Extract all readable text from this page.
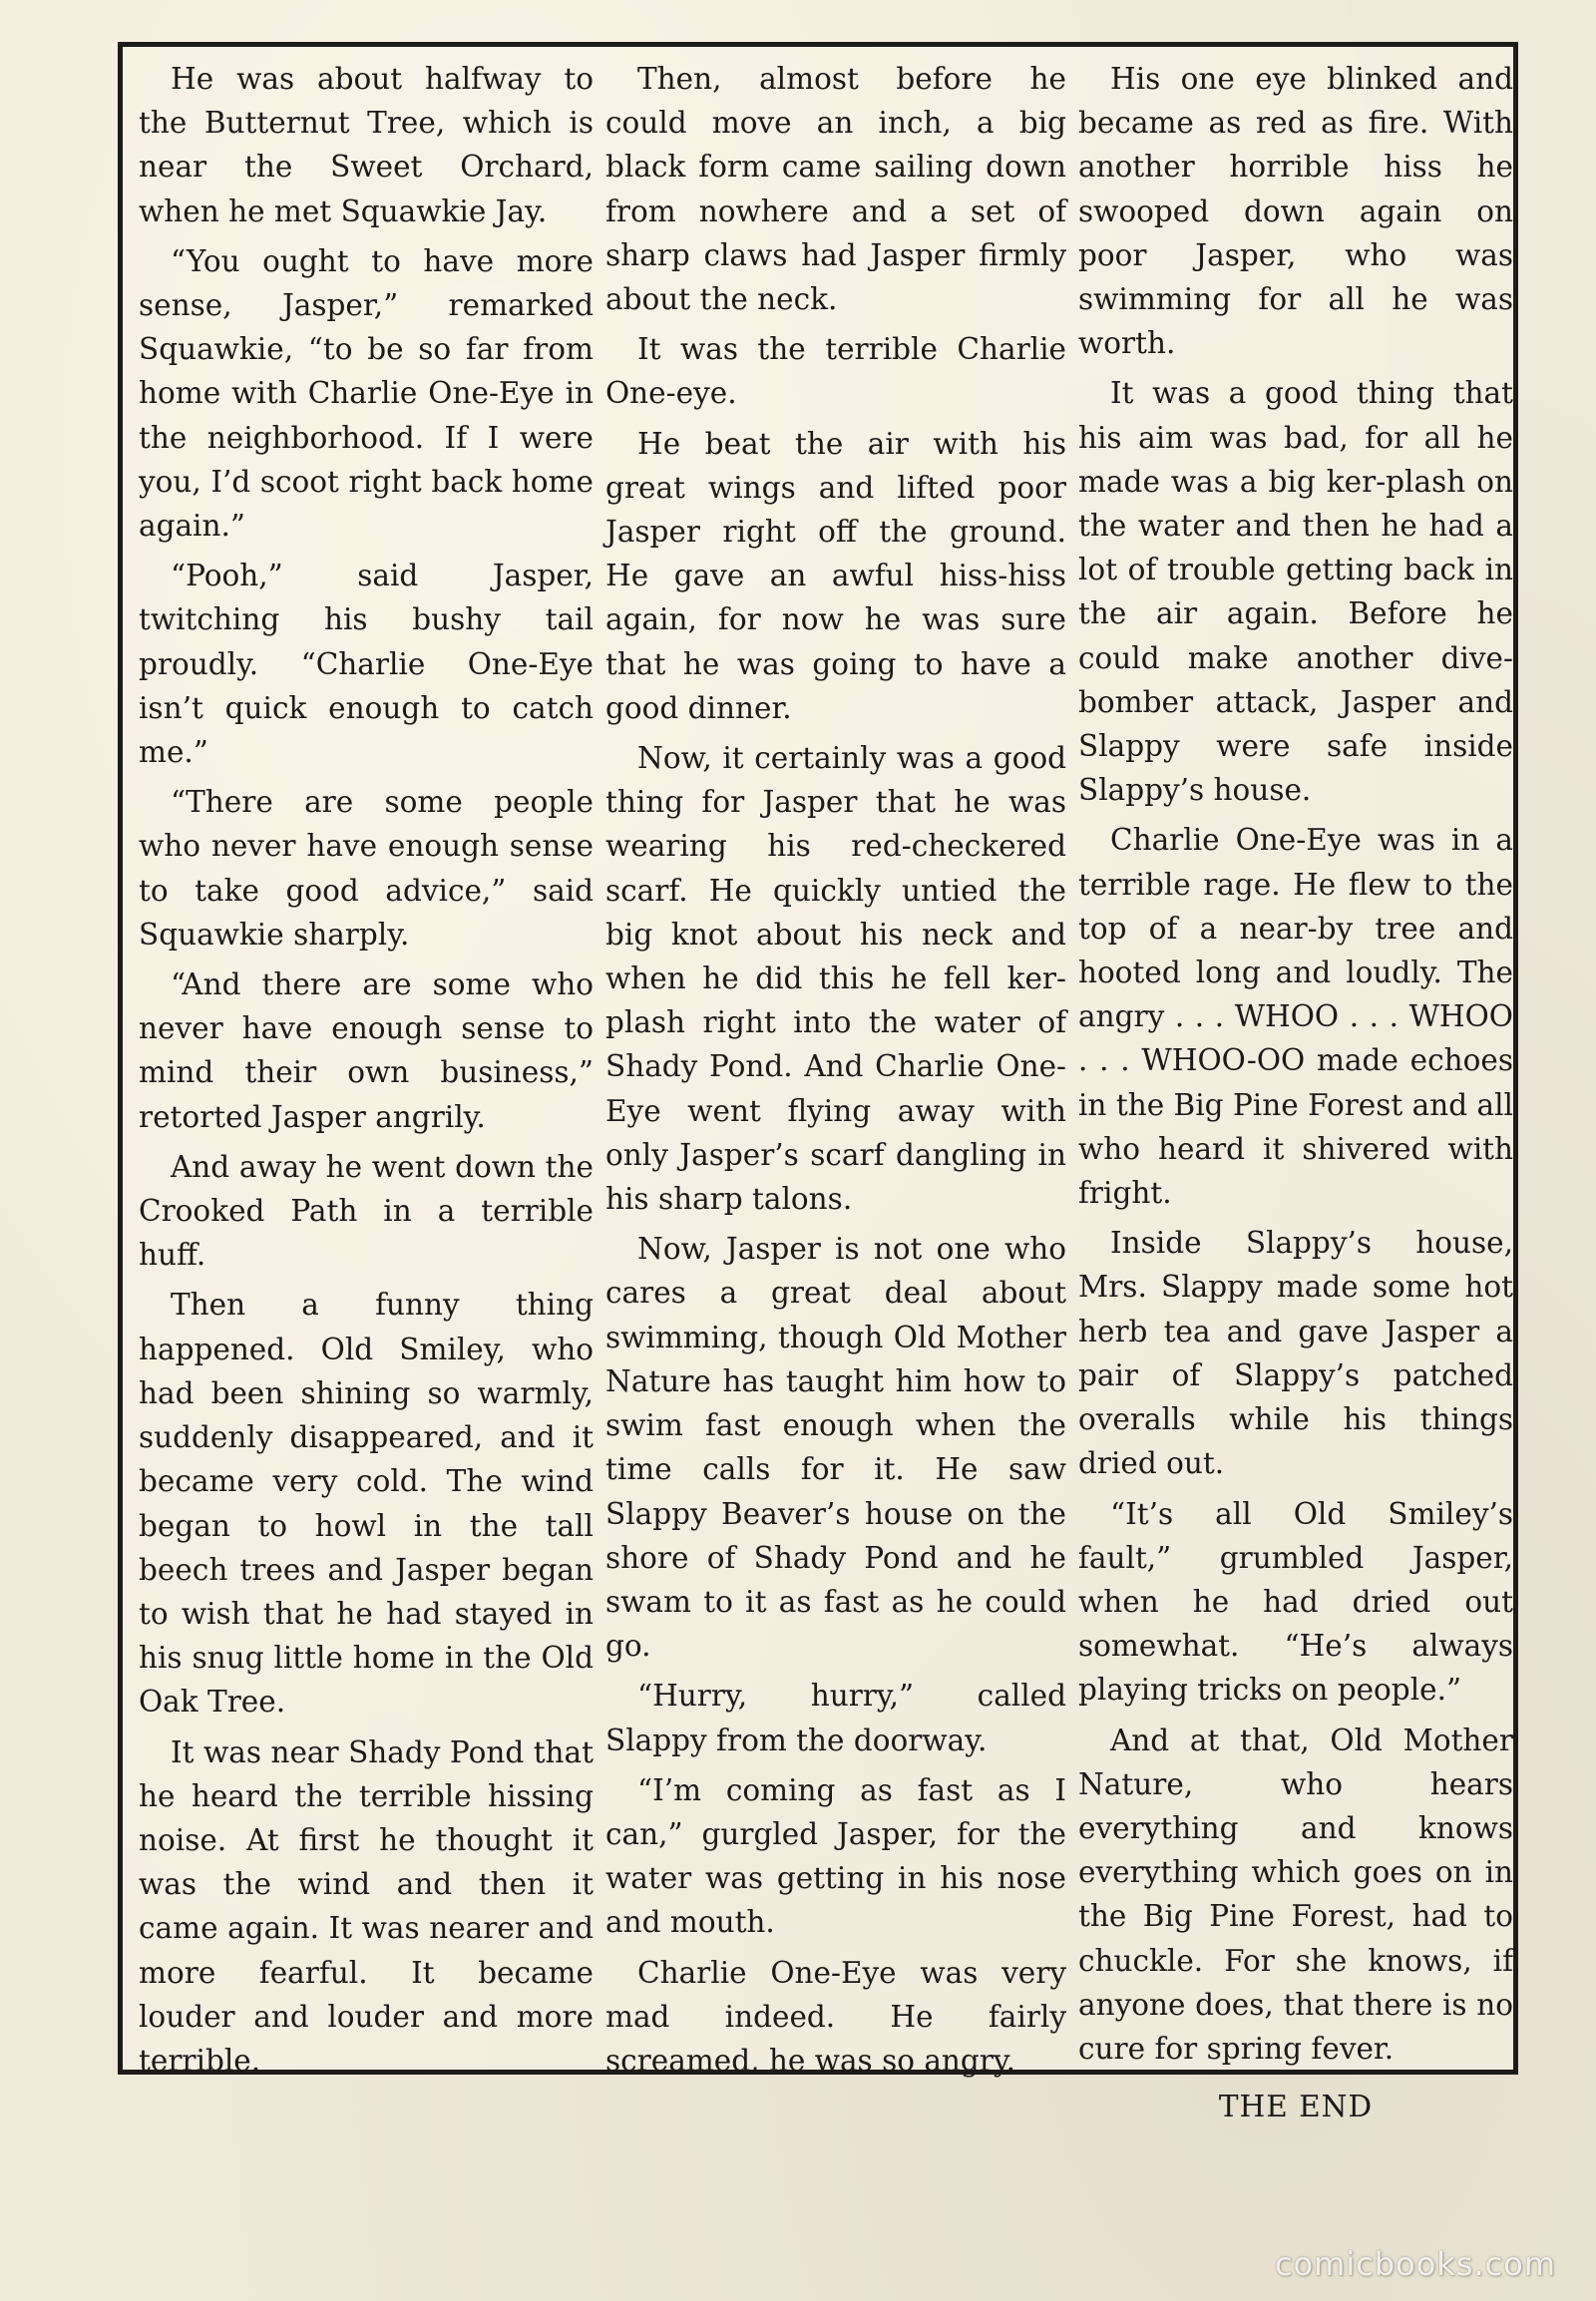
He was about halfway to the Butternut Tree, which is near the Sweet Orchard, when he met Squawkie Jay.

“You ought to have more sense, Jasper,” remarked Squawkie, “to be so far from home with Charlie One-Eye in the neighborhood. If I were you, I’d scoot right back home again.”

“Pooh,” said Jasper, twitching his bushy tail proudly. “Charlie One-Eye isn’t quick enough to catch me.”

“There are some people who never have enough sense to take good advice,” said Squawkie sharply.

“And there are some who never have enough sense to mind their own business,” retorted Jasper angrily.

And away he went down the Crooked Path in a terrible huff.

Then a funny thing happened. Old Smiley, who had been shining so warmly, suddenly disappeared, and it became very cold. The wind began to howl in the tall beech trees and Jasper began to wish that he had stayed in his snug little home in the Old Oak Tree.

It was near Shady Pond that he heard the terrible hissing noise. At first he thought it was the wind and then it came again. It was nearer and more fearful. It became louder and louder and more terrible.

Then, almost before he could move an inch, a big black form came sailing down from nowhere and a set of sharp claws had Jasper firmly about the neck.

It was the terrible Charlie One-eye.

He beat the air with his great wings and lifted poor Jasper right off the ground. He gave an awful hiss-hiss again, for now he was sure that he was going to have a good dinner.

Now, it certainly was a good thing for Jasper that he was wearing his red-checkered scarf. He quickly untied the big knot about his neck and when he did this he fell ker-plash right into the water of Shady Pond. And Charlie One-Eye went flying away with only Jasper’s scarf dangling in his sharp talons.

Now, Jasper is not one who cares a great deal about swimming, though Old Mother Nature has taught him how to swim fast enough when the time calls for it. He saw Slappy Beaver’s house on the shore of Shady Pond and he swam to it as fast as he could go.

“Hurry, hurry,” called Slappy from the doorway.

“I’m coming as fast as I can,” gurgled Jasper, for the water was getting in his nose and mouth.

Charlie One-Eye was very mad indeed. He fairly screamed, he was so angry.

His one eye blinked and became as red as fire. With another horrible hiss he swooped down again on poor Jasper, who was swimming for all he was worth.

It was a good thing that his aim was bad, for all he made was a big ker-plash on the water and then he had a lot of trouble getting back in the air again. Before he could make another dive-bomber attack, Jasper and Slappy were safe inside Slappy’s house.

Charlie One-Eye was in a terrible rage. He flew to the top of a near-by tree and hooted long and loudly. The angry . . . WHOO . . . WHOO . . . WHOO-OO made echoes in the Big Pine Forest and all who heard it shivered with fright.

Inside Slappy’s house, Mrs. Slappy made some hot herb tea and gave Jasper a pair of Slappy’s patched overalls while his things dried out.

“It’s all Old Smiley’s fault,” grumbled Jasper, when he had dried out somewhat. “He’s always playing tricks on people.”

And at that, Old Mother Nature, who hears everything and knows everything which goes on in the Big Pine Forest, had to chuckle. For she knows, if anyone does, that there is no cure for spring fever.

THE END

comicbooks.com
